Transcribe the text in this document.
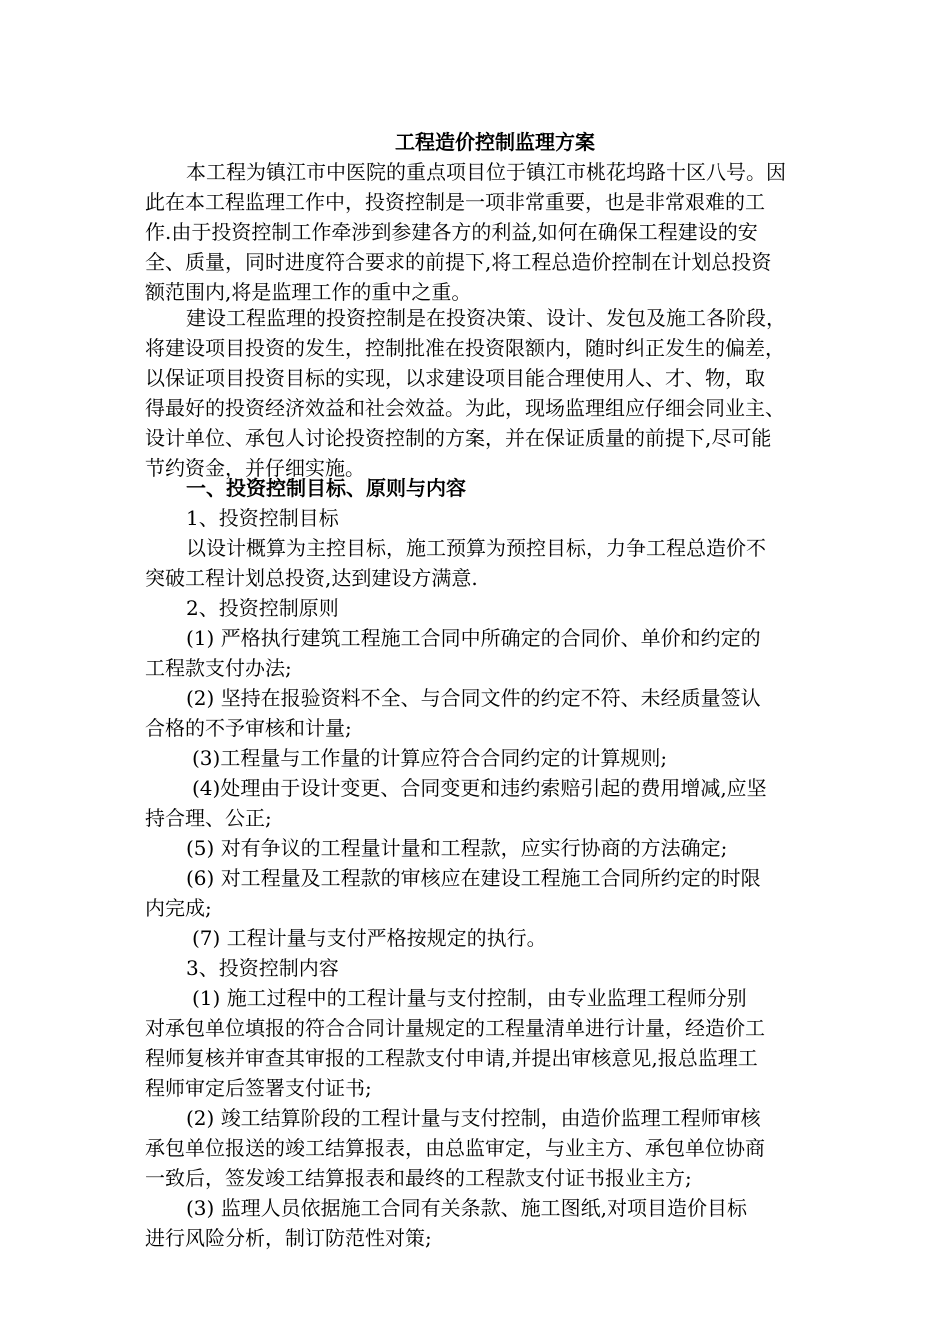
工程造价控制监理方案
本工程为镇江市中医院的重点项目位于镇江市桃花坞路十区八号。因
此在本工程监理工作中，投资控制是一项非常重要，也是非常艰难的工
作.由于投资控制工作牵涉到参建各方的利益,如何在确保工程建设的安
全、质量，同时进度符合要求的前提下,将工程总造价控制在计划总投资
额范围内,将是监理工作的重中之重。
建设工程监理的投资控制是在投资决策、设计、发包及施工各阶段，
将建设项目投资的发生，控制批准在投资限额内，随时纠正发生的偏差，
以保证项目投资目标的实现，以求建设项目能合理使用人、才、物，取
得最好的投资经济效益和社会效益。为此，现场监理组应仔细会同业主、
设计单位、承包人讨论投资控制的方案，并在保证质量的前提下,尽可能
节约资金，并仔细实施。
一、投资控制目标、原则与内容
1、投资控制目标
以设计概算为主控目标，施工预算为预控目标，力争工程总造价不
突破工程计划总投资,达到建设方满意.
2、投资控制原则
(1) 严格执行建筑工程施工合同中所确定的合同价、单价和约定的
工程款支付办法;
(2) 坚持在报验资料不全、与合同文件的约定不符、未经质量签认
合格的不予审核和计量;
(3)工程量与工作量的计算应符合合同约定的计算规则;
(4)处理由于设计变更、合同变更和违约索赔引起的费用增减,应坚
持合理、公正;
(5) 对有争议的工程量计量和工程款，应实行协商的方法确定;
(6) 对工程量及工程款的审核应在建设工程施工合同所约定的时限
内完成;
(7) 工程计量与支付严格按规定的执行。
3、投资控制内容
(1) 施工过程中的工程计量与支付控制，由专业监理工程师分别
对承包单位填报的符合合同计量规定的工程量清单进行计量，经造价工
程师复核并审查其审报的工程款支付申请,并提出审核意见,报总监理工
程师审定后签署支付证书;
(2) 竣工结算阶段的工程计量与支付控制，由造价监理工程师审核
承包单位报送的竣工结算报表，由总监审定，与业主方、承包单位协商
一致后，签发竣工结算报表和最终的工程款支付证书报业主方;
(3) 监理人员依据施工合同有关条款、施工图纸,对项目造价目标
进行风险分析，制订防范性对策;
